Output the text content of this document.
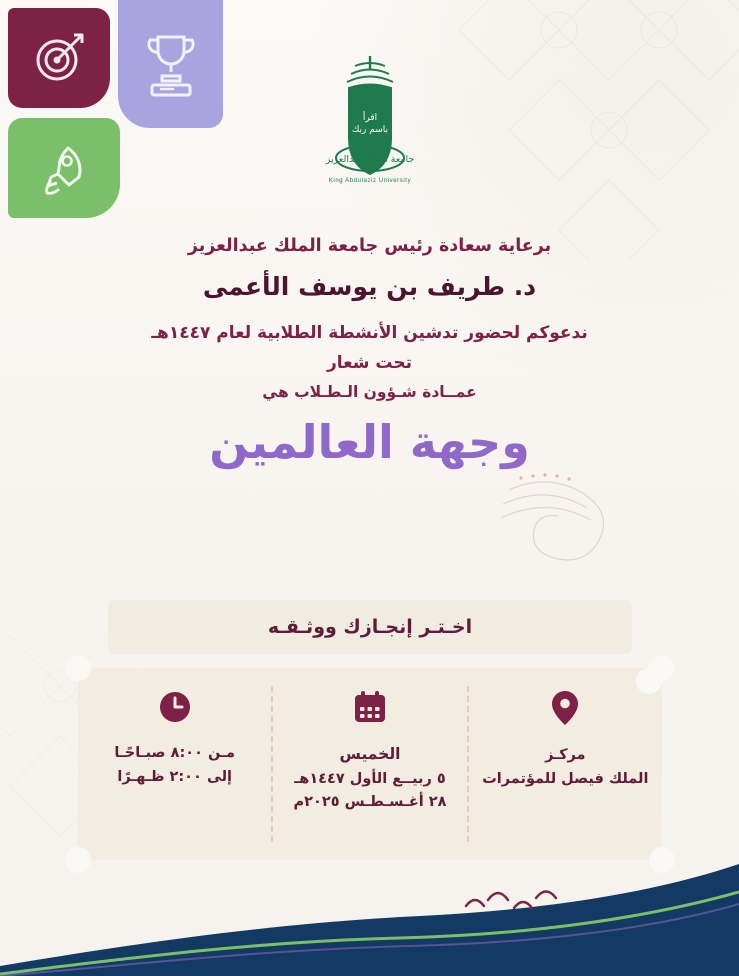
اقرأ
باسم ربك
جامعة الملك عبدالعزيز
King Abdulaziz University
برعاية سعادة رئيس جامعة الملك عبدالعزيز
د. طريف بن يوسف الأعمى
ندعوكم لحضور تدشين الأنشطة الطلابية لعام ١٤٤٧هـ
تحت شعار
عمــادة شـؤون الـطـلاب هي
وجهة العالمين
اخـتـر إنجـازك ووثـقـه
مركـز
الملك فيصل للمؤتمرات
الخميس
٥ ربيــع الأول ١٤٤٧هـ
٢٨ أغـسـطـس ٢٠٢٥م
مـن ٨:٠٠ صبـاحًـا
إلى ٢:٠٠ ظـهـرًا
